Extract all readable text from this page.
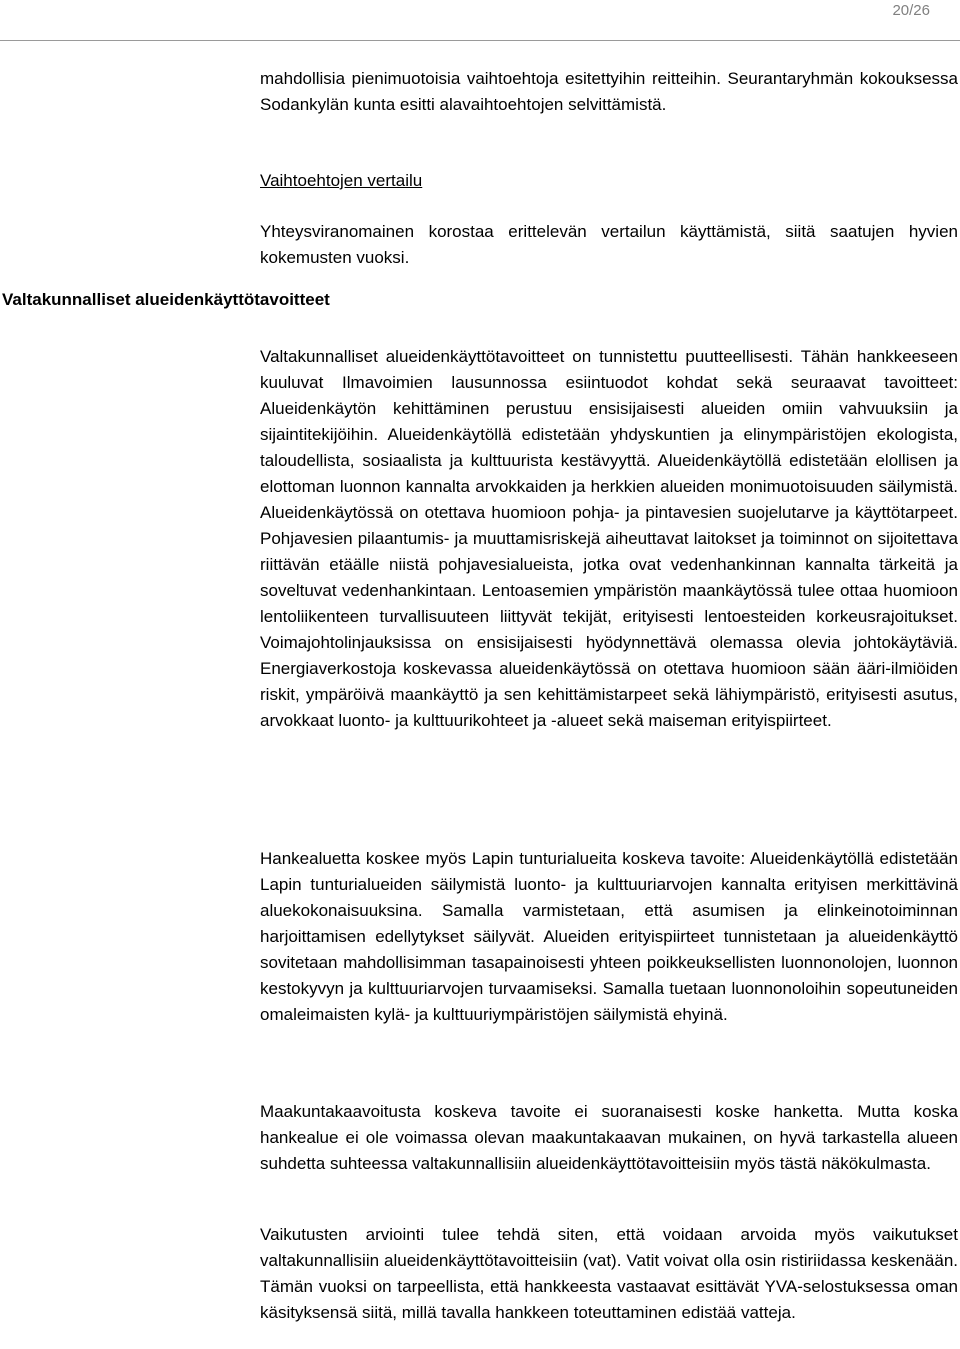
20/26
Valtakunnalliset alueidenkäyttötavoitteet

mahdollisia pienimuotoisia vaihtoehtoja esitettyihin reitteihin. Seurantaryhmän kokouksessa Sodankylän kunta esitti alavaihtoehtojen selvittämistä.

Vaihtoehtojen vertailu

Yhteysviranomainen korostaa erittelevän vertailun käyttämistä, siitä saatujen hyvien kokemusten vuoksi.

Valtakunnalliset alueidenkäyttötavoitteet on tunnistettu puutteellisesti. Tähän hankkeeseen kuuluvat Ilmavoimien lausunnossa esiintuodot kohdat sekä seuraavat tavoitteet: Alueidenkäytön kehittäminen perustuu ensisijaisesti alueiden omiin vahvuuksiin ja sijaintitekijöihin. Alueidenkäytöllä edistetään yhdyskuntien ja elinympäristöjen ekologista, taloudellista, sosiaalista ja kulttuurista kestävyyttä. Alueidenkäytöllä edistetään elollisen ja elottoman luonnon kannalta arvokkaiden ja herkkien alueiden monimuotoisuuden säilymistä. Alueidenkäytössä on otettava huomioon pohja- ja pintavesien suojelutarve ja käyttötarpeet. Pohjavesien pilaantumis- ja muuttamisriskejä aiheuttavat laitokset ja toiminnot on sijoitettava riittävän etäälle niistä pohjavesialueista, jotka ovat vedenhankinnan kannalta tärkeitä ja soveltuvat vedenhankintaan. Lentoasemien ympäristön maankäytössä tulee ottaa huomioon lentoliikenteen turvallisuuteen liittyvät tekijät, erityisesti lentoesteiden korkeusrajoitukset. Voimajohtolinjauksissa on ensisijaisesti hyödynnettävä olemassa olevia johtokäytäviä. Energiaverkostoja koskevassa alueidenkäytössä on otettava huomioon sään ääri-ilmiöiden riskit, ympäröivä maankäyttö ja sen kehittämistarpeet sekä lähiympäristö, erityisesti asutus, arvokkaat luonto- ja kulttuurikohteet ja -alueet sekä maiseman erityispiirteet.

Hankealuetta koskee myös Lapin tunturialueita koskeva tavoite: Alueidenkäytöllä edistetään Lapin tunturialueiden säilymistä luonto- ja kulttuuriarvojen kannalta erityisen merkittävinä aluekokonaisuuksina. Samalla varmistetaan, että asumisen ja elinkeinotoiminnan harjoittamisen edellytykset säilyvät. Alueiden erityispiirteet tunnistetaan ja alueidenkäyttö sovitetaan mahdollisimman tasapainoisesti yhteen poikkeuksellisten luonnonolojen, luonnon kestokyvyn ja kulttuuriarvojen turvaamiseksi. Samalla tuetaan luonnonoloihin sopeutuneiden omaleimaisten kylä- ja kulttuuriympäristöjen säilymistä ehyinä.

Maakuntakaavoitusta koskeva tavoite ei suoranaisesti koske hanketta. Mutta koska hankealue ei ole voimassa olevan maakuntakaavan mukainen, on hyvä tarkastella alueen suhdetta suhteessa valtakunnallisiin alueidenkäyttötavoitteisiin myös tästä näkökulmasta.

Vaikutusten arviointi tulee tehdä siten, että voidaan arvoida myös vaikutukset valtakunnallisiin alueidenkäyttötavoitteisiin (vat). Vatit voivat olla osin ristiriidassa keskenään. Tämän vuoksi on tarpeellista, että hankkeesta vastaavat esittävät YVA-selostuksessa oman käsityksensä siitä, millä tavalla hankkeen toteuttaminen edistää vatteja.
